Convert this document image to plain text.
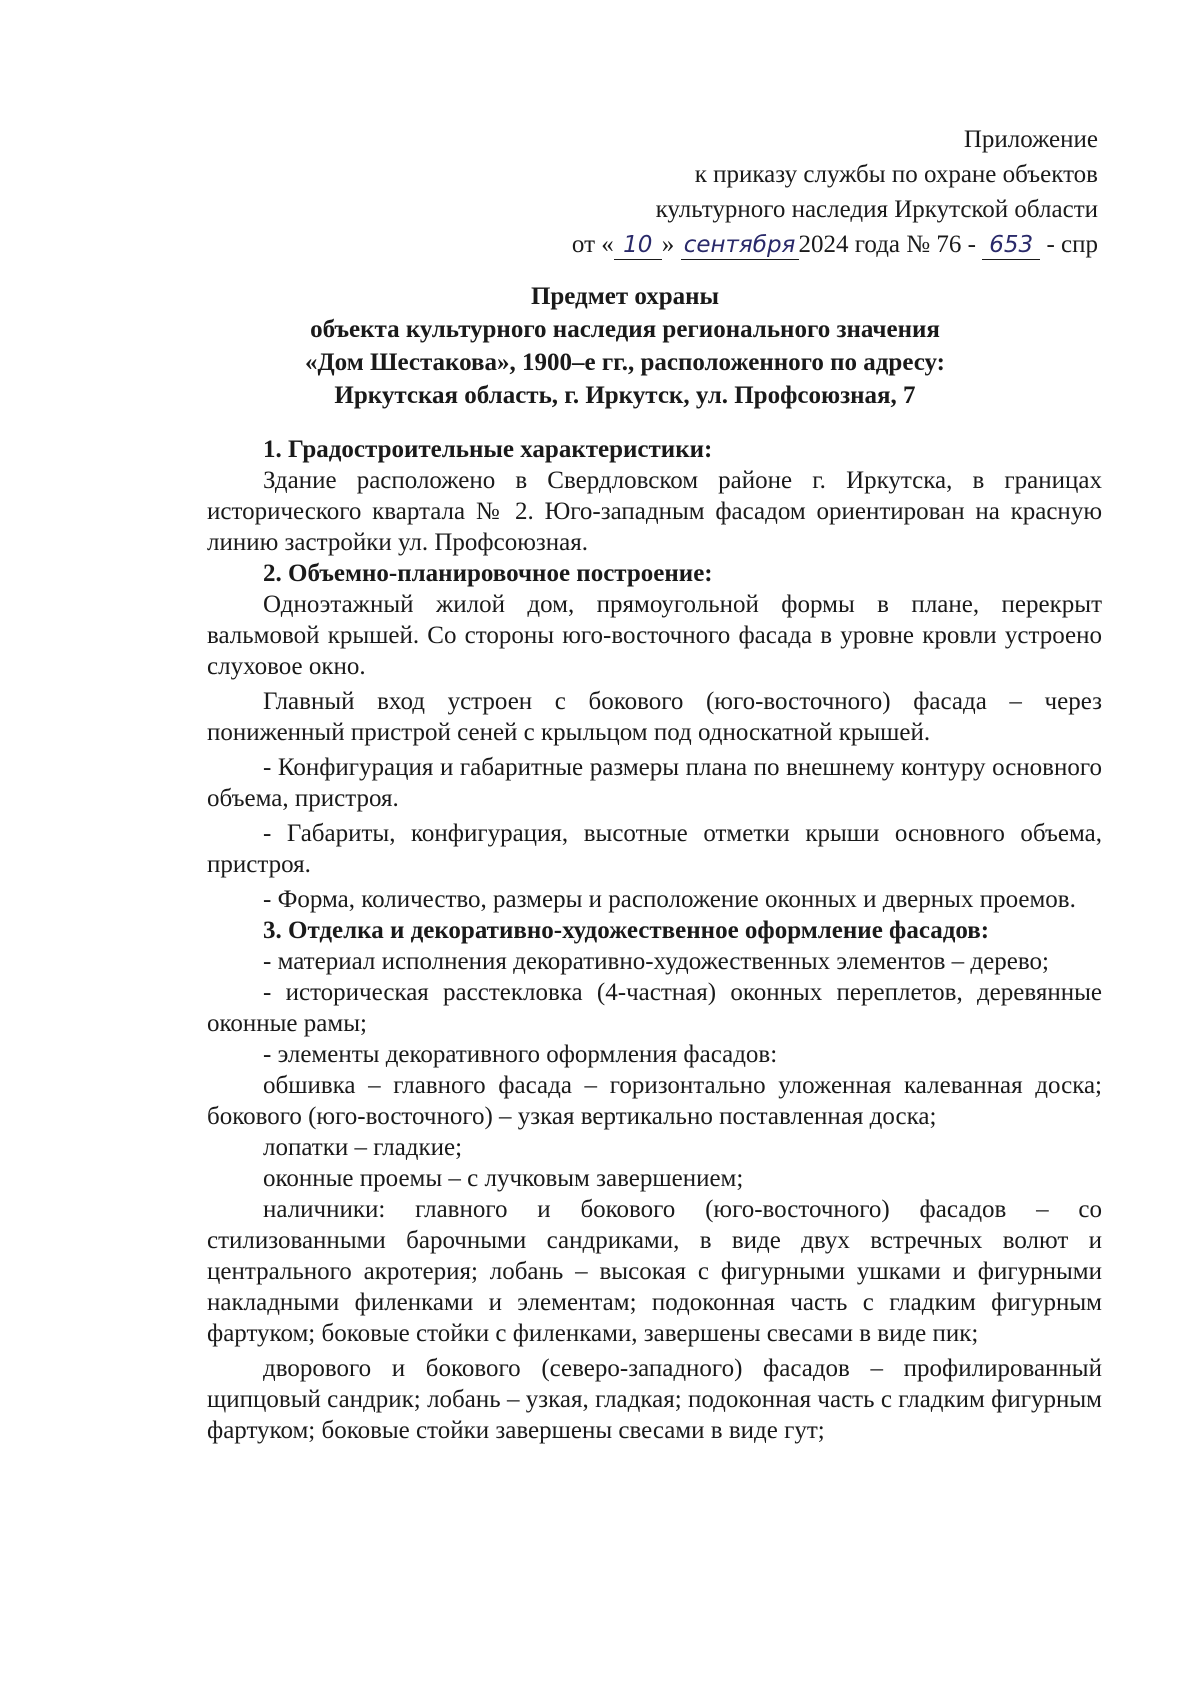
Приложение
к приказу службы по охране объектов
культурного наследия Иркутской области
от « 10 » сентября 2024 года № 76 - 653 - спр
Предмет охраны
объекта культурного наследия регионального значения
«Дом Шестакова», 1900–е гг., расположенного по адресу:
Иркутская область, г. Иркутск, ул. Профсоюзная, 7

1. Градостроительные характеристики:

Здание расположено в Свердловском районе г. Иркутска, в границах исторического квартала № 2. Юго-западным фасадом ориентирован на красную линию застройки ул. Профсоюзная.

2. Объемно-планировочное построение:

Одноэтажный жилой дом, прямоугольной формы в плане, перекрыт вальмовой крышей. Со стороны юго-восточного фасада в уровне кровли устроено слуховое окно.

Главный вход устроен с бокового (юго-восточного) фасада – через пониженный пристрой сеней с крыльцом под односкатной крышей.

- Конфигурация и габаритные размеры плана по внешнему контуру основного объема, пристроя.

- Габариты, конфигурация, высотные отметки крыши основного объема, пристроя.

- Форма, количество, размеры и расположение оконных и дверных проемов.

3. Отделка и декоративно-художественное оформление фасадов:

- материал исполнения декоративно-художественных элементов – дерево;

- историческая расстекловка (4-частная) оконных переплетов, деревянные оконные рамы;

- элементы декоративного оформления фасадов:

обшивка – главного фасада – горизонтально уложенная калеванная доска; бокового (юго-восточного) – узкая вертикально поставленная доска;

лопатки – гладкие;

оконные проемы – с лучковым завершением;

наличники: главного и бокового (юго-восточного) фасадов – со стилизованными барочными сандриками, в виде двух встречных волют и центрального акротерия; лобань – высокая с фигурными ушками и фигурными накладными филенками и элементам; подоконная часть с гладким фигурным фартуком; боковые стойки с филенками, завершены свесами в виде пик;

дворового и бокового (северо-западного) фасадов – профилированный щипцовый сандрик; лобань – узкая, гладкая; подоконная часть с гладким фигурным фартуком; боковые стойки завершены свесами в виде гут;
